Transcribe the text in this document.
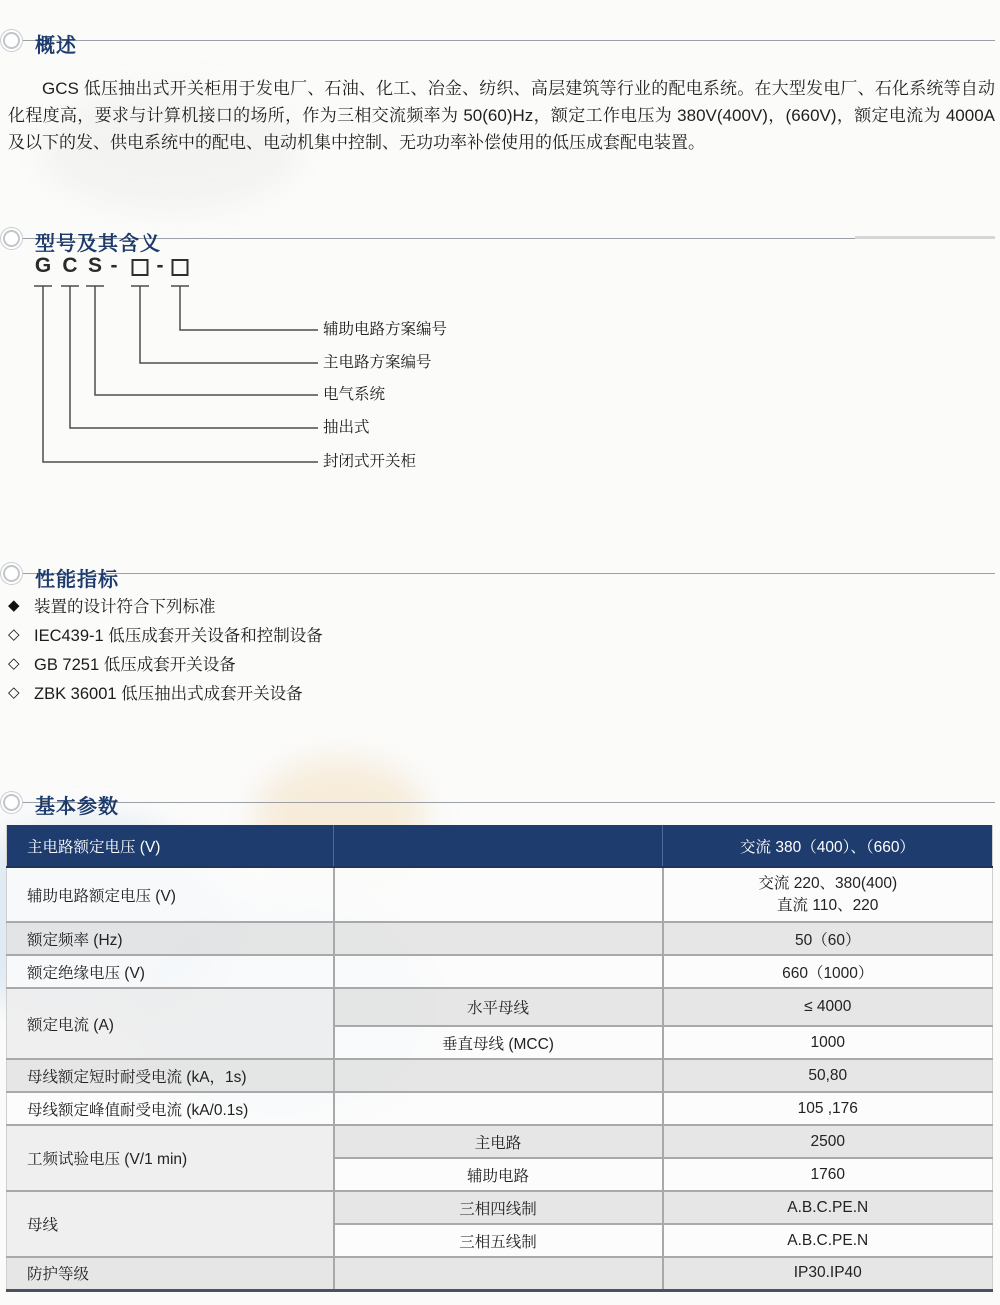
概述

GCS 低压抽出式开关柜用于发电厂、石油、化工、冶金、纺织、高层建筑等行业的配电系统。在大型发电厂、石化系统等自动化程度高，要求与计算机接口的场所，作为三相交流频率为 50(60)Hz，额定工作电压为 380V(400V)，(660V)，额定电流为 4000A 及以下的发、供电系统中的配电、电动机集中控制、无功功率补偿使用的低压成套配电装置。

型号及其含义
G C S - -
辅助电路方案编号
主电路方案编号
电气系统
抽出式
封闭式开关柜
性能指标
◆ 装置的设计符合下列标准
◇ IEC439-1 低压成套开关设备和控制设备
◇ GB 7251 低压成套开关设备
◇ ZBK 36001 低压抽出式成套开关设备
基本参数
主电路额定电压 (V)		交流 380（400）、（660）
辅助电路额定电压 (V)		交流 220、380(400)
直流 110、220

额定频率 (Hz)		50（60）
额定绝缘电压 (V)		660（1000）
额定电流 (A)	水平母线	≤ 4000
	垂直母线 (MCC)	1000
母线额定短时耐受电流 (kA，1s)		50,80
母线额定峰值耐受电流 (kA/0.1s)		105 ,176
工频试验电压 (V/1 min)	主电路	2500
	辅助电路	1760
母线	三相四线制	A.B.C.PE.N
	三相五线制	A.B.C.PE.N
防护等级		IP30.IP40
